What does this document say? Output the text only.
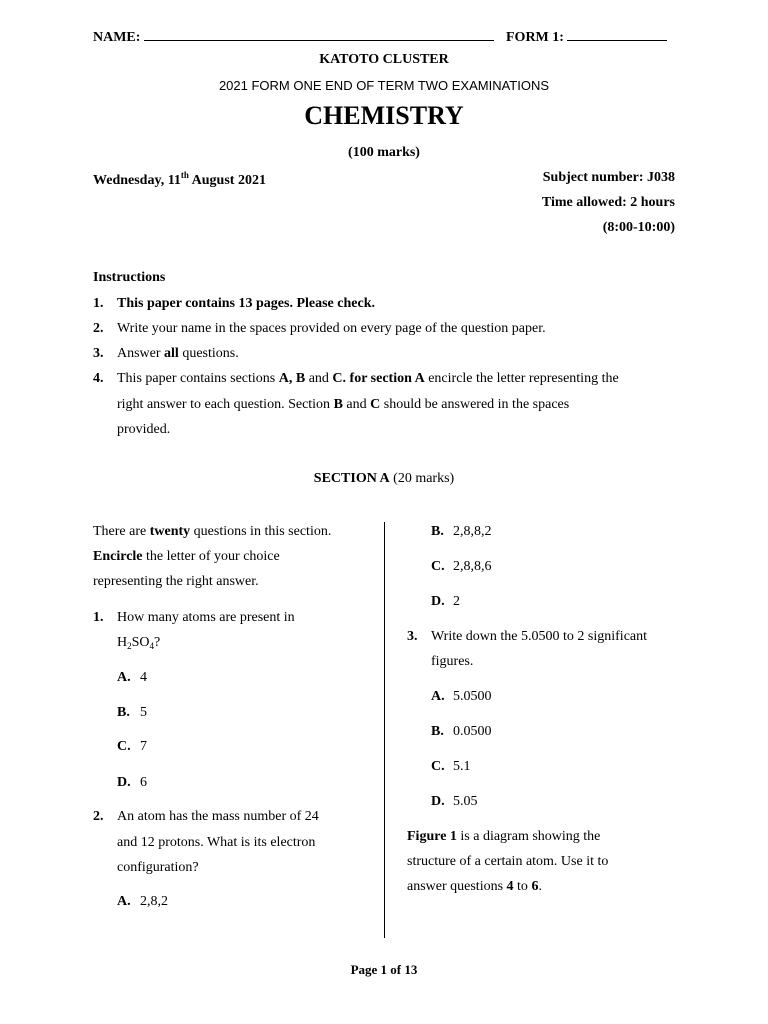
NAME:	FORM 1:
KATOTO CLUSTER
2021 FORM ONE END OF TERM TWO EXAMINATIONS
CHEMISTRY
(100 marks)
Wednesday, 11th August 2021	Subject number: J038
Time allowed: 2 hours
(8:00-10:00)
Instructions
1. This paper contains 13 pages. Please check.
2. Write your name in the spaces provided on every page of the question paper.
3. Answer all questions.
4. This paper contains sections A, B and C. for section A encircle the letter representing the
right answer to each question. Section B and C should be answered in the spaces
provided.
SECTION A (20 marks)
There are twenty questions in this section.
Encircle the letter of your choice
representing the right answer.
1. How many atoms are present in
$H_2SO_4$?
A. 4
B. 5
C. 7
D. 6
2. An atom has the mass number of 24
and 12 protons. What is its electron
configuration?
A. 2,8,2
B. 2,8,8,2
C. 2,8,8,6
D. 2
3. Write down the 5.0500 to 2 significant
figures.
A. 5.0500
B. 0.0500
C. 5.1
D. 5.05
Figure 1 is a diagram showing the
structure of a certain atom. Use it to
answer questions 4 to 6.
Page 1 of 13
